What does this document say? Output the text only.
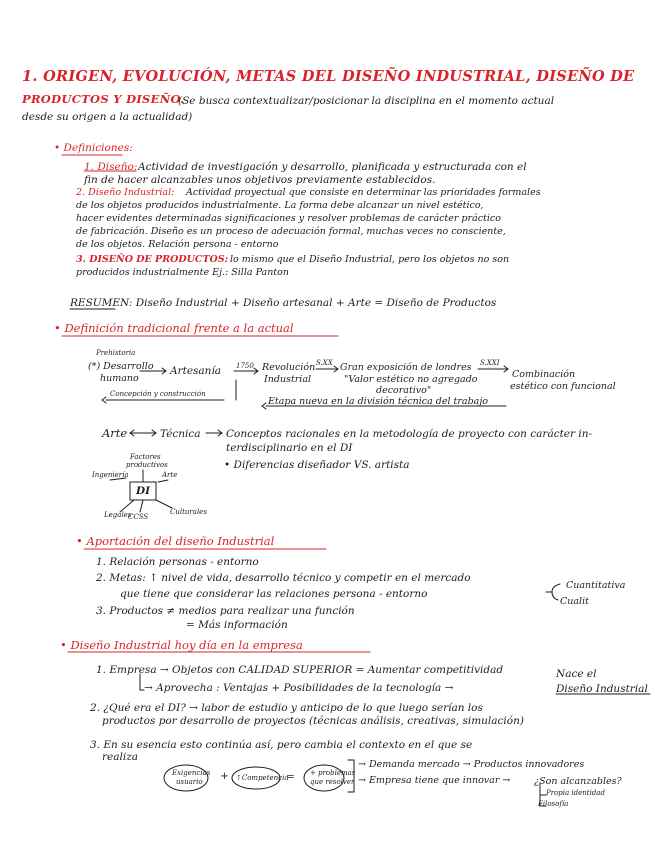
1. ORIGEN, EVOLUCIÓN, METAS DEL DISEÑO INDUSTRIAL, DISEÑO DE
PRODUCTOS Y DISEÑO.
(Se busca contextualizar/posicionar la disciplina en el momento actual
desde su origen a la actualidad)
• Definiciones:
1. Diseño: Actividad de investigación y desarrollo, planificada y estructurada con el
fin de hacer alcanzables unos objetivos previamente establecidos.
2. Diseño Industrial: Actividad proyectual que consiste en determinar las prioridades formales
de los objetos producidos industrialmente. La forma debe alcanzar un nivel estético,
hacer evidentes determinadas significaciones y resolver problemas de carácter práctico
de fabricación. Diseño es un proceso de adecuación formal, muchas veces no consciente,
de los objetos. Relación persona - entorno
3. DISEÑO DE PRODUCTOS: lo mismo que el Diseño Industrial, pero los objetos no son
producidos industrialmente Ej.: Silla Panton
RESUMEN: Diseño Industrial + Diseño artesanal + Arte = Diseño de Productos
• Definición tradicional frente a la actual
Prehistoria
(*) Desarrollo
humano
Artesanía 1750 Revolución
Industrial
S.XX Gran exposición de londres
"Valor estético no agregado
decorativo"
S.XXI
Combinación
estético con funcional
Concepción y construcción
Etapa nueva en la división técnica del trabajo
Arte	Técnica Conceptos racionales en la metodología de proyecto con carácter in-
terdisciplinario en el DI
Factores
productivos
Ingeniería	Arte
DI
Legales
CCSS
Culturales
• Diferencias diseñador VS. artista
• Aportación del diseño Industrial
1. Relación personas - entorno
2. Metas: ↑ nivel de vida, desarrollo técnico y competir en el mercado
que tiene que considerar las relaciones persona - entorno
Cuantitativa
Cualit
3. Productos ≠ medios para realizar una función
= Más información
• Diseño Industrial hoy día en la empresa
1. Empresa → Objetos con CALIDAD SUPERIOR = Aumentar competitividad	Nace el
→ Aprovecha : Ventajas + Posibilidades de la tecnología →	Diseño Industrial
2. ¿Qué era el DI? → labor de estudio y anticipo de lo que luego serían los
productos por desarrollo de proyectos (técnicas análisis, creativas, simulación)
3. En su esencia esto continúa así, pero cambia el contexto en el que se
realiza
Exigencias
usuario + ↑Competencia
= + problemas
que resolver
→ Demanda mercado → Productos innovadores
→ Empresa tiene que innovar → ¿Son alcanzables?
Propia identidad
Filosofía
